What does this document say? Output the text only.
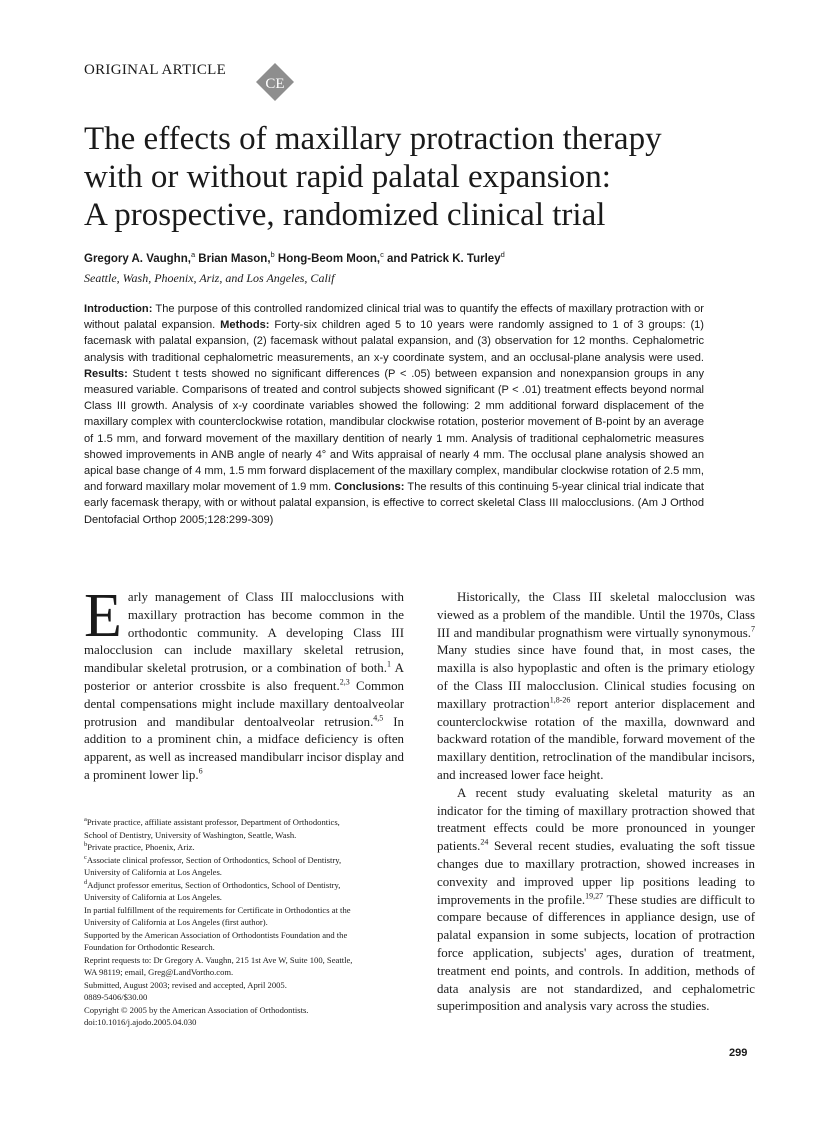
ORIGINAL ARTICLE
CE
The effects of maxillary protraction therapy
with or without rapid palatal expansion:
A prospective, randomized clinical trial
Gregory A. Vaughn,$^a$ Brian Mason,$^b$ Hong-Beom Moon,$^c$ and Patrick K. Turley$^d$
Seattle, Wash, Phoenix, Ariz, and Los Angeles, Calif

Introduction: The purpose of this controlled randomized clinical trial was to quantify the effects of maxillary protraction with or without palatal expansion. Methods: Forty-six children aged 5 to 10 years were randomly assigned to 1 of 3 groups: (1) facemask with palatal expansion, (2) facemask without palatal expansion, and (3) observation for 12 months. Cephalometric analysis with traditional cephalometric measurements, an x-y coordinate system, and an occlusal-plane analysis were used. Results: Student t tests showed no significant differences (P < .05) between expansion and nonexpansion groups in any measured variable. Comparisons of treated and control subjects showed significant (P < .01) treatment effects beyond normal Class III growth. Analysis of x-y coordinate variables showed the following: 2 mm additional forward displacement of the maxillary complex with counterclockwise rotation, mandibular clockwise rotation, posterior movement of B-point by an average of 1.5 mm, and forward movement of the maxillary dentition of nearly 1 mm. Analysis of traditional cephalometric measures showed improvements in ANB angle of nearly 4° and Wits appraisal of nearly 4 mm. The occlusal plane analysis showed an apical base change of 4 mm, 1.5 mm forward displacement of the maxillary complex, mandibular clockwise rotation of 2.5 mm, and forward maxillary molar movement of 1.9 mm. Conclusions: The results of this continuing 5-year clinical trial indicate that early facemask therapy, with or without palatal expansion, is effective to correct skeletal Class III malocclusions. (Am J Orthod Dentofacial Orthop 2005;128:299-309)

Early management of Class III malocclusions with maxillary protraction has become common in the orthodontic community. A developing Class III malocclusion can include maxillary skeletal retrusion, mandibular skeletal protrusion, or a combination of both.$^1$ A posterior or anterior crossbite is also frequent.$^{2,3}$ Common dental compensations might include maxillary dentoalveolar protrusion and mandibular dentoalveolar retrusion.$^{4,5}$ In addition to a prominent chin, a midface deficiency is often apparent, as well as increased mandibularr incisor display and a prominent lower lip.$^6$

$^a$Private practice, affiliate assistant professor, Department of Orthodontics,
School of Dentistry, University of Washington, Seattle, Wash.
$^b$Private practice, Phoenix, Ariz.
$^c$Associate clinical professor, Section of Orthodontics, School of Dentistry,
University of California at Los Angeles.
$^d$Adjunct professor emeritus, Section of Orthodontics, School of Dentistry,
University of California at Los Angeles.
In partial fulfillment of the requirements for Certificate in Orthodontics at the
University of California at Los Angeles (first author).
Supported by the American Association of Orthodontists Foundation and the
Foundation for Orthodontic Research.
Reprint requests to: Dr Gregory A. Vaughn, 215 1st Ave W, Suite 100, Seattle,
WA 98119; email, Greg@LandVortho.com.
Submitted, August 2003; revised and accepted, April 2005.
0889-5406/$30.00
Copyright © 2005 by the American Association of Orthodontists.
doi:10.1016/j.ajodo.2005.04.030

Historically, the Class III skeletal malocclusion was viewed as a problem of the mandible. Until the 1970s, Class III and mandibular prognathism were virtually synonymous.$^7$ Many studies since have found that, in most cases, the maxilla is also hypoplastic and often is the primary etiology of the Class III malocclusion. Clinical studies focusing on maxillary protraction$^{1,8-26}$ report anterior displacement and counterclockwise rotation of the maxilla, downward and backward rotation of the mandible, forward movement of the maxillary dentition, retroclination of the mandibular incisors, and increased lower face height.

A recent study evaluating skeletal maturity as an indicator for the timing of maxillary protraction showed that treatment effects could be more pronounced in younger patients.$^{24}$ Several recent studies, evaluating the soft tissue changes due to maxillary protraction, showed increases in convexity and improved upper lip positions leading to improvements in the profile.$^{19,27}$ These studies are difficult to compare because of differences in appliance design, use of palatal expansion in some subjects, location of protraction force application, subjects' ages, duration of treatment, treatment end points, and controls. In addition, methods of data analysis are not standardized, and cephalometric superimposition and analysis vary across the studies.

299
